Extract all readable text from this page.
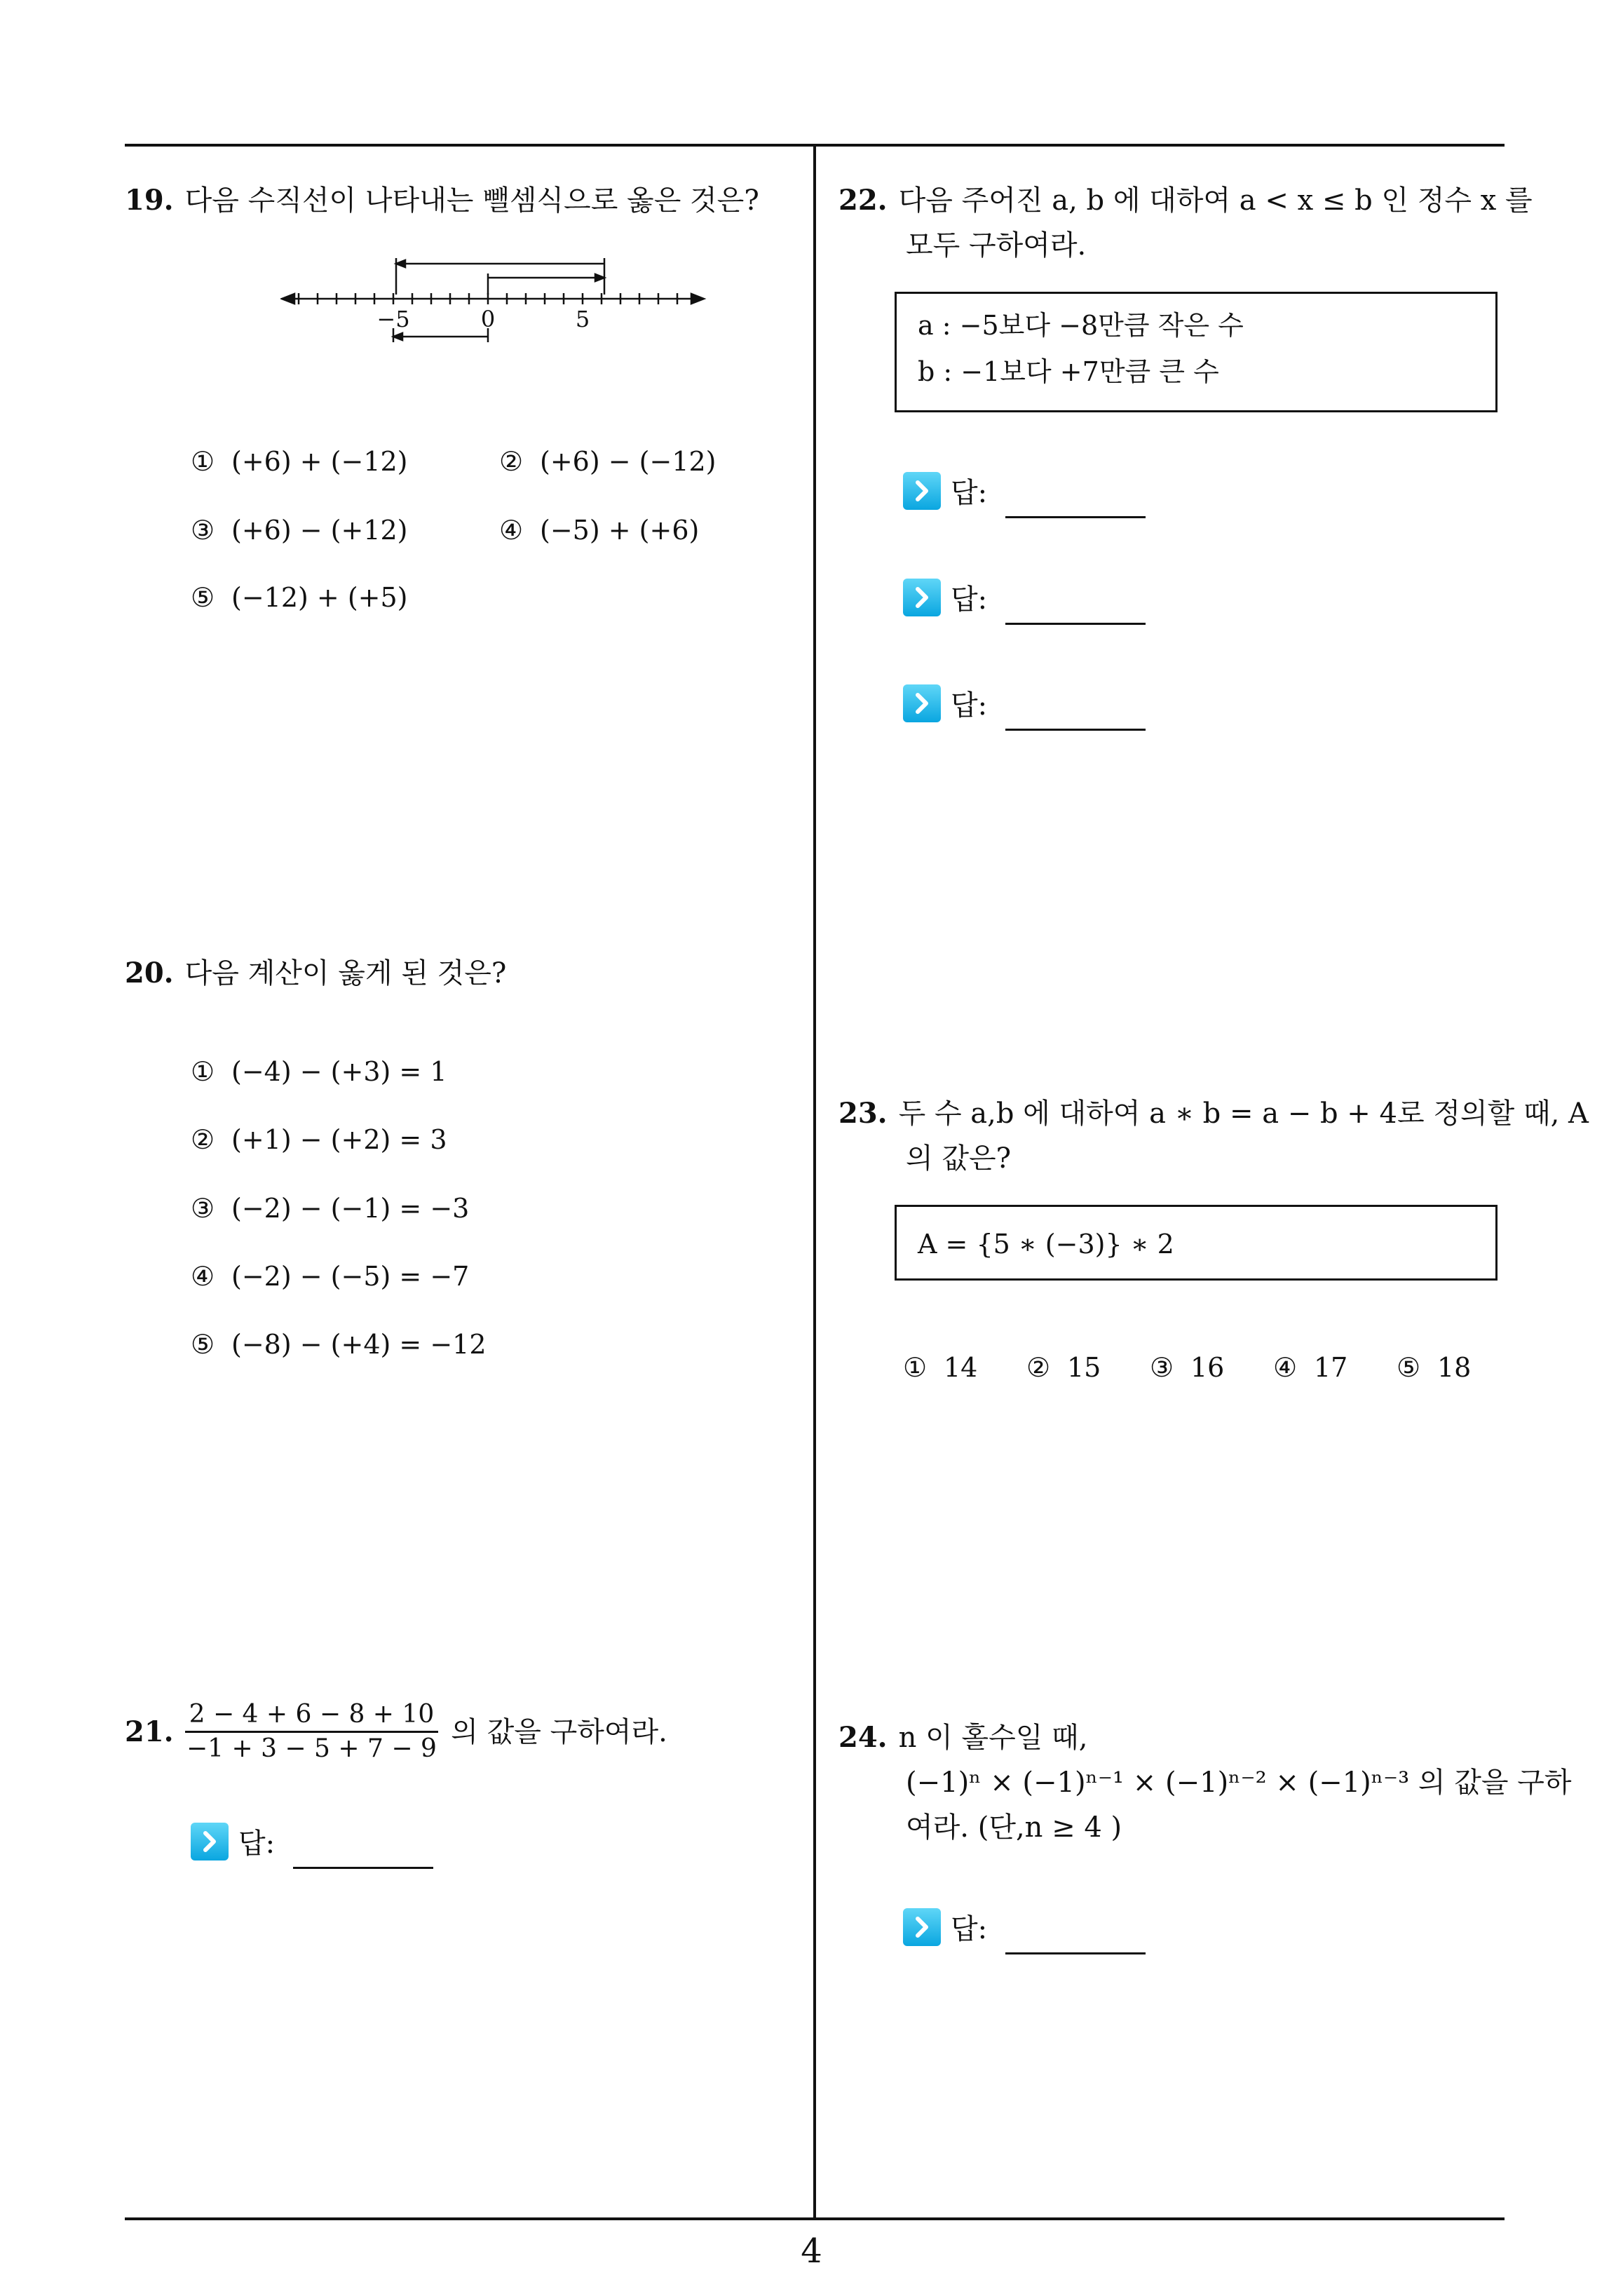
19. 다음 수직선이 나타내는 뺄셈식으로 옳은 것은?
−5	0	5
① (+6) + (−12)	② (+6) − (−12)
③ (+6) − (+12)	④ (−5) + (+6)
⑤ (−12) + (+5)
20. 다음 계산이 옳게 된 것은?
① (−4) − (+3) = 1
② (+1) − (+2) = 3
③ (−2) − (−1) = −3
④ (−2) − (−5) = −7
⑤ (−8) − (+4) = −12
21. $\frac{2 - 4 + 6 - 8 + 10}{-1 + 3 - 5 + 7 - 9}$ 의 값을 구하여라.
답:
22. 다음 주어진 a, b 에 대하여 a < x ≤ b 인 정수 x 를
모두 구하여라.
a : −5보다 −8만큼 작은 수
b : −1보다 +7만큼 큰 수
답:
답:
답:
23. 두 수 a,b 에 대하여 a ∗ b = a − b + 4로 정의할 때, A
의 값은?
A = {5 ∗ (−3)} ∗ 2
① 14 ② 15 ③ 16 ④ 17 ⑤ 18
24. n 이 홀수일 때,
(−1)ⁿ × (−1)ⁿ⁻¹ × (−1)ⁿ⁻² × (−1)ⁿ⁻³ 의 값을 구하
여라. (단,n ≥ 4 )
답:
4
